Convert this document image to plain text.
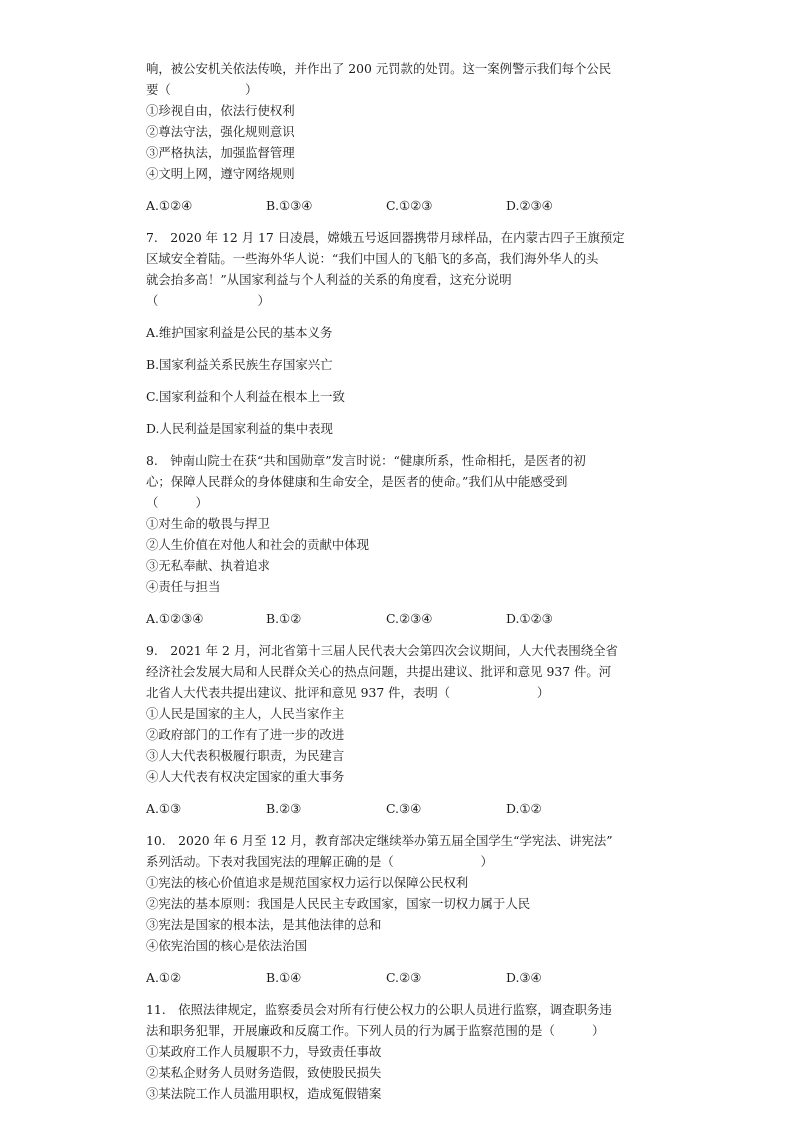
响，被公安机关依法传唤，并作出了 200 元罚款的处罚。这一案例警示我们每个公民
要（　　　　　　）
①珍视自由，依法行使权利
②尊法守法，强化规则意识
③严格执法，加强监督管理
④文明上网，遵守网络规则
A.①②④	B.①③④	C.①②③	D.②③④
7.　2020 年 12 月 17 日凌晨，嫦娥五号返回器携带月球样品，在内蒙古四子王旗预定
区域安全着陆。一些海外华人说：“我们中国人的飞船飞的多高，我们海外华人的头
就会抬多高！”从国家利益与个人利益的关系的角度看，这充分说明
（　　　　　　　　）
A.维护国家利益是公民的基本义务
B.国家利益关系民族生存国家兴亡
C.国家利益和个人利益在根本上一致
D.人民利益是国家利益的集中表现
8.　钟南山院士在获“共和国勋章”发言时说：“健康所系，性命相托，是医者的初
心；保障人民群众的身体健康和生命安全，是医者的使命。”我们从中能感受到
（　　　）
①对生命的敬畏与捍卫
②人生价值在对他人和社会的贡献中体现
③无私奉献、执着追求
④责任与担当
A.①②③④	B.①②	C.②③④	D.①②③
9.　2021 年 2 月，河北省第十三届人民代表大会第四次会议期间，人大代表围绕全省
经济社会发展大局和人民群众关心的热点问题，共提出建议、批评和意见 937 件。河
北省人大代表共提出建议、批评和意见 937 件，表明（　　　　　　　）
①人民是国家的主人，人民当家作主
②政府部门的工作有了进一步的改进
③人大代表积极履行职责，为民建言
④人大代表有权决定国家的重大事务
A.①③	B.②③	C.③④	D.①②
10.　2020 年 6 月至 12 月，教育部决定继续举办第五届全国学生“学宪法、讲宪法”
系列活动。下表对我国宪法的理解正确的是（　　　　　　　）
①宪法的核心价值追求是规范国家权力运行以保障公民权利
②宪法的基本原则：我国是人民民主专政国家，国家一切权力属于人民
③宪法是国家的根本法，是其他法律的总和
④依宪治国的核心是依法治国
A.①②	B.①④	C.②③	D.③④
11.　依照法律规定，监察委员会对所有行使公权力的公职人员进行监察，调查职务违
法和职务犯罪，开展廉政和反腐工作。下列人员的行为属于监察范围的是（　　　）
①某政府工作人员履职不力，导致责任事故
②某私企财务人员财务造假，致使股民损失
③某法院工作人员滥用职权，造成冤假错案
